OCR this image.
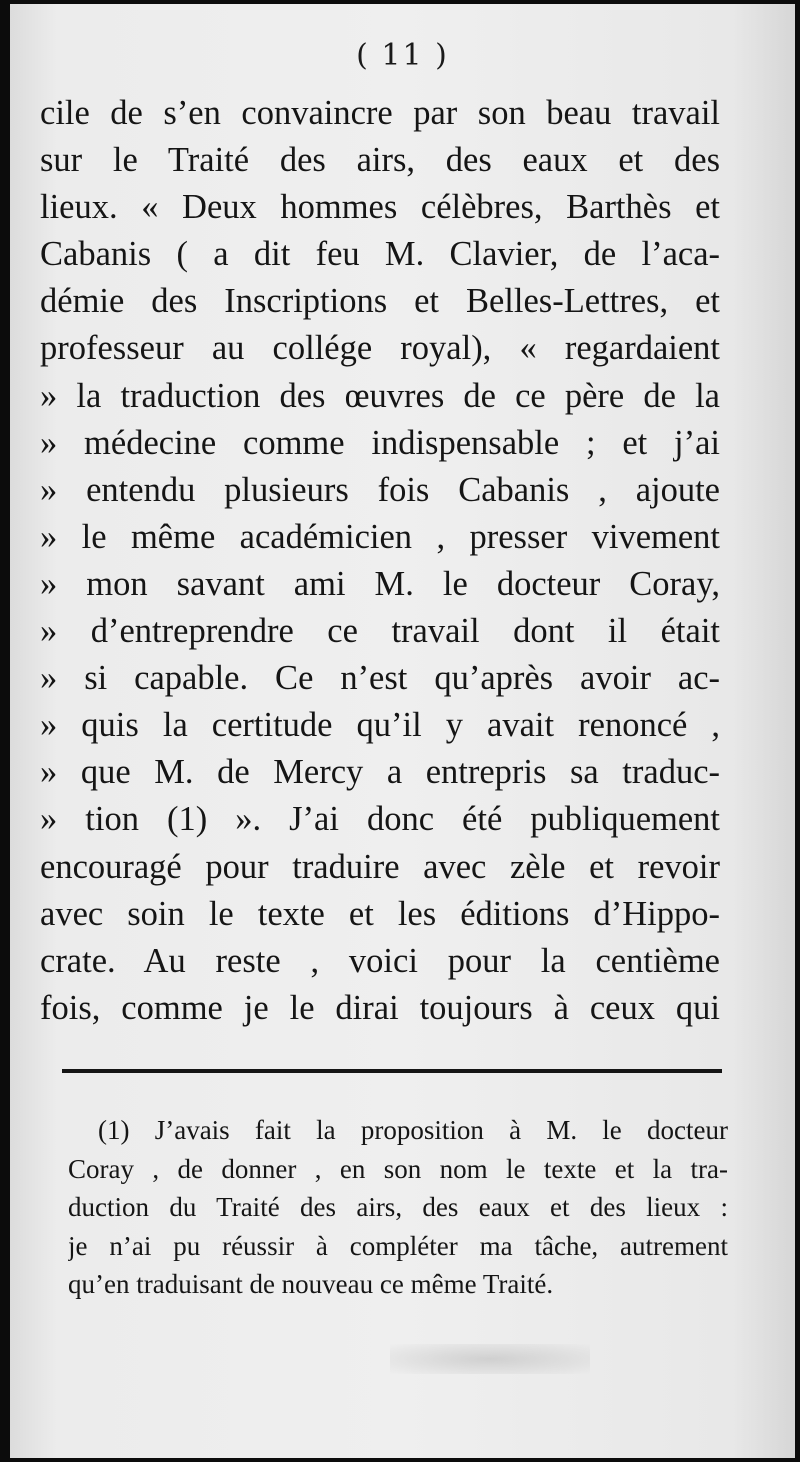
( 11 )
cile de s’en convaincre par son beau travail
sur le Traité des airs, des eaux et des
lieux. « Deux hommes célèbres, Barthès et
Cabanis ( a dit feu M. Clavier, de l’aca-
démie des Inscriptions et Belles-Lettres, et
professeur au collége royal), « regardaient
» la traduction des œuvres de ce père de la
» médecine comme indispensable ; et j’ai
» entendu plusieurs fois Cabanis , ajoute
» le même académicien , presser vivement
» mon savant ami M. le docteur Coray,
» d’entreprendre ce travail dont il était
» si capable. Ce n’est qu’après avoir ac-
» quis la certitude qu’il y avait renoncé ,
» que M. de Mercy a entrepris sa traduc-
» tion (1) ». J’ai donc été publiquement
encouragé pour traduire avec zèle et revoir
avec soin le texte et les éditions d’Hippo-
crate. Au reste , voici pour la centième
fois, comme je le dirai toujours à ceux qui
(1) J’avais fait la proposition à M. le docteur
Coray , de donner , en son nom le texte et la tra-
duction du Traité des airs, des eaux et des lieux :
je n’ai pu réussir à compléter ma tâche, autrement
qu’en traduisant de nouveau ce même Traité.
